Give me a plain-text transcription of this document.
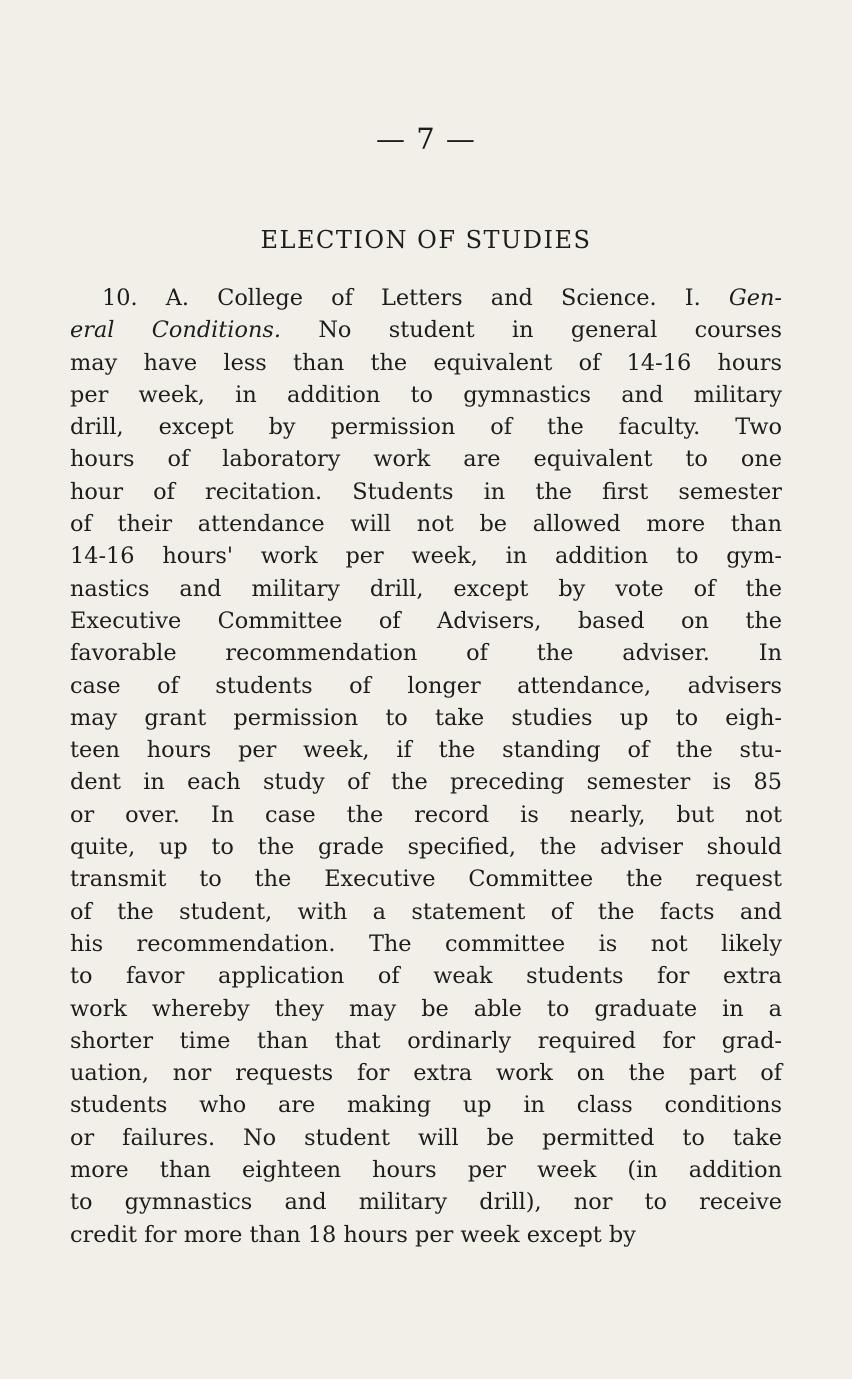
— 7 —
ELECTION OF STUDIES
10. A. College of Letters and Science. I. Gen-
eral Conditions. No student in general courses
may have less than the equivalent of 14-16 hours
per week, in addition to gymnastics and military
drill, except by permission of the faculty. Two
hours of laboratory work are equivalent to one
hour of recitation. Students in the first semester
of their attendance will not be allowed more than
14-16 hours' work per week, in addition to gym-
nastics and military drill, except by vote of the
Executive Committee of Advisers, based on the
favorable recommendation of the adviser. In
case of students of longer attendance, advisers
may grant permission to take studies up to eigh-
teen hours per week, if the standing of the stu-
dent in each study of the preceding semester is 85
or over. In case the record is nearly, but not
quite, up to the grade specified, the adviser should
transmit to the Executive Committee the request
of the student, with a statement of the facts and
his recommendation. The committee is not likely
to favor application of weak students for extra
work whereby they may be able to graduate in a
shorter time than that ordinarly required for grad-
uation, nor requests for extra work on the part of
students who are making up in class conditions
or failures. No student will be permitted to take
more than eighteen hours per week (in addition
to gymnastics and military drill), nor to receive
credit for more than 18 hours per week except by
